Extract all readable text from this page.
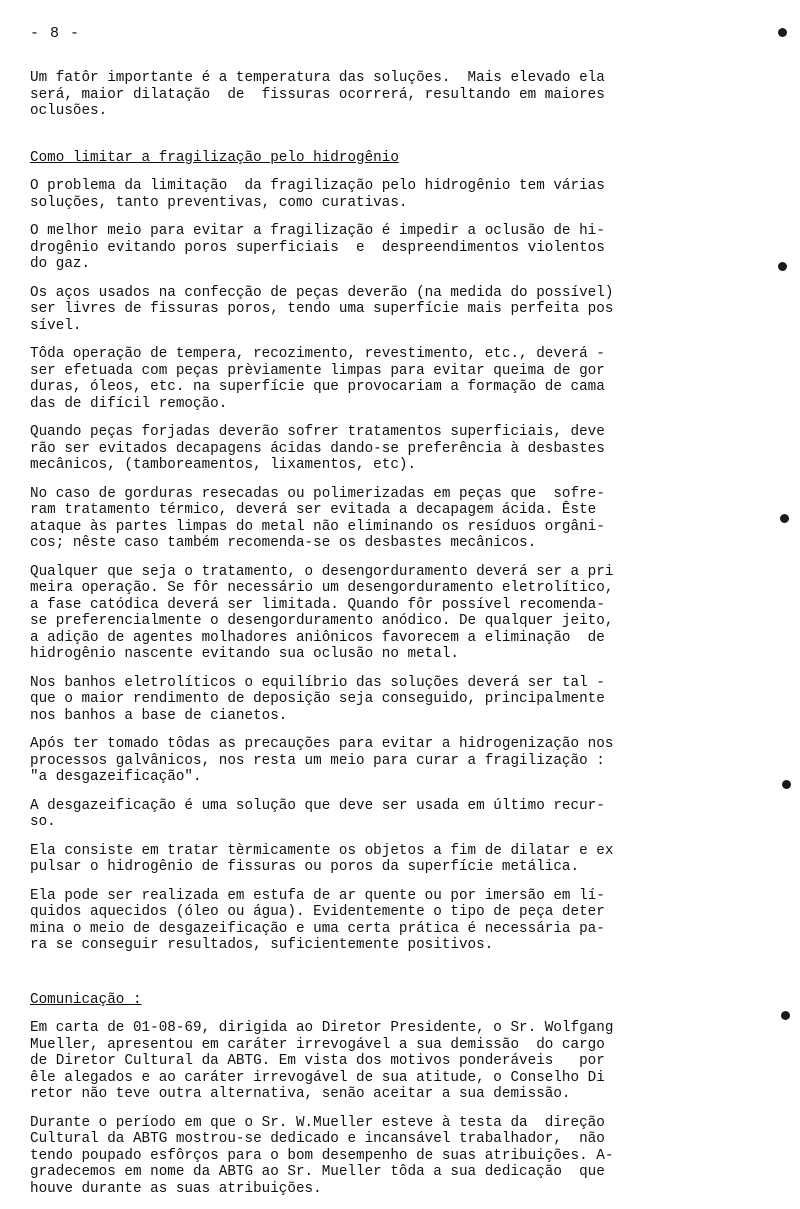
- 8 -

Um fatôr importante é a temperatura das soluções.  Mais elevado ela
será, maior dilatação  de  fissuras ocorrerá, resultando em maiores
oclusões.

Como limitar a fragilização pelo hidrogênio

O problema da limitação  da fragilização pelo hidrogênio tem várias
soluções, tanto preventivas, como curativas.

O melhor meio para evitar a fragilização é impedir a oclusão de hi-
drogênio evitando poros superficiais  e  despreendimentos violentos
do gaz.

Os aços usados na confecção de peças deverão (na medida do possível)
ser livres de fissuras poros, tendo uma superfície mais perfeita pos
sível.

Tôda operação de tempera, recozimento, revestimento, etc., deverá -
ser efetuada com peças prèviamente limpas para evitar queima de gor
duras, óleos, etc. na superfície que provocariam a formação de cama
das de difícil remoção.

Quando peças forjadas deverão sofrer tratamentos superficiais, deve
rão ser evitados decapagens ácidas dando-se preferência à desbastes
mecânicos, (tamboreamentos, lixamentos, etc).

No caso de gorduras resecadas ou polimerizadas em peças que  sofre-
ram tratamento térmico, deverá ser evitada a decapagem ácida. Êste
ataque às partes limpas do metal não eliminando os resíduos orgâni-
cos; nêste caso também recomenda-se os desbastes mecânicos.

Qualquer que seja o tratamento, o desengorduramento deverá ser a pri
meira operação. Se fôr necessário um desengorduramento eletrolítico,
a fase catódica deverá ser limitada. Quando fôr possível recomenda-
se preferencialmente o desengorduramento anódico. De qualquer jeito,
a adição de agentes molhadores aniônicos favorecem a eliminação  de
hidrogênio nascente evitando sua oclusão no metal.

Nos banhos eletrolíticos o equilíbrio das soluções deverá ser tal -
que o maior rendimento de deposição seja conseguido, principalmente
nos banhos a base de cianetos.

Após ter tomado tôdas as precauções para evitar a hidrogenização nos
processos galvânicos, nos resta um meio para curar a fragilização :
"a desgazeificação".

A desgazeificação é uma solução que deve ser usada em último recur-
so.

Ela consiste em tratar tèrmicamente os objetos a fim de dilatar e ex
pulsar o hidrogênio de fissuras ou poros da superfície metálica.

Ela pode ser realizada em estufa de ar quente ou por imersão em lí-
quidos aquecidos (óleo ou água). Evidentemente o tipo de peça deter
mina o meio de desgazeificação e uma certa prática é necessária pa-
ra se conseguir resultados, suficientemente positivos.

Comunicação :

Em carta de 01-08-69, dirigida ao Diretor Presidente, o Sr. Wolfgang
Mueller, apresentou em caráter irrevogável a sua demissão  do cargo
de Diretor Cultural da ABTG. Em vista dos motivos ponderáveis   por
êle alegados e ao caráter irrevogável de sua atitude, o Conselho Di
retor não teve outra alternativa, senão aceitar a sua demissão.

Durante o período em que o Sr. W.Mueller esteve à testa da  direção
Cultural da ABTG mostrou-se dedicado e incansável trabalhador,  não
tendo poupado esfôrços para o bom desempenho de suas atribuições. A-
gradecemos em nome da ABTG ao Sr. Mueller tôda a sua dedicação  que
houve durante as suas atribuições.
